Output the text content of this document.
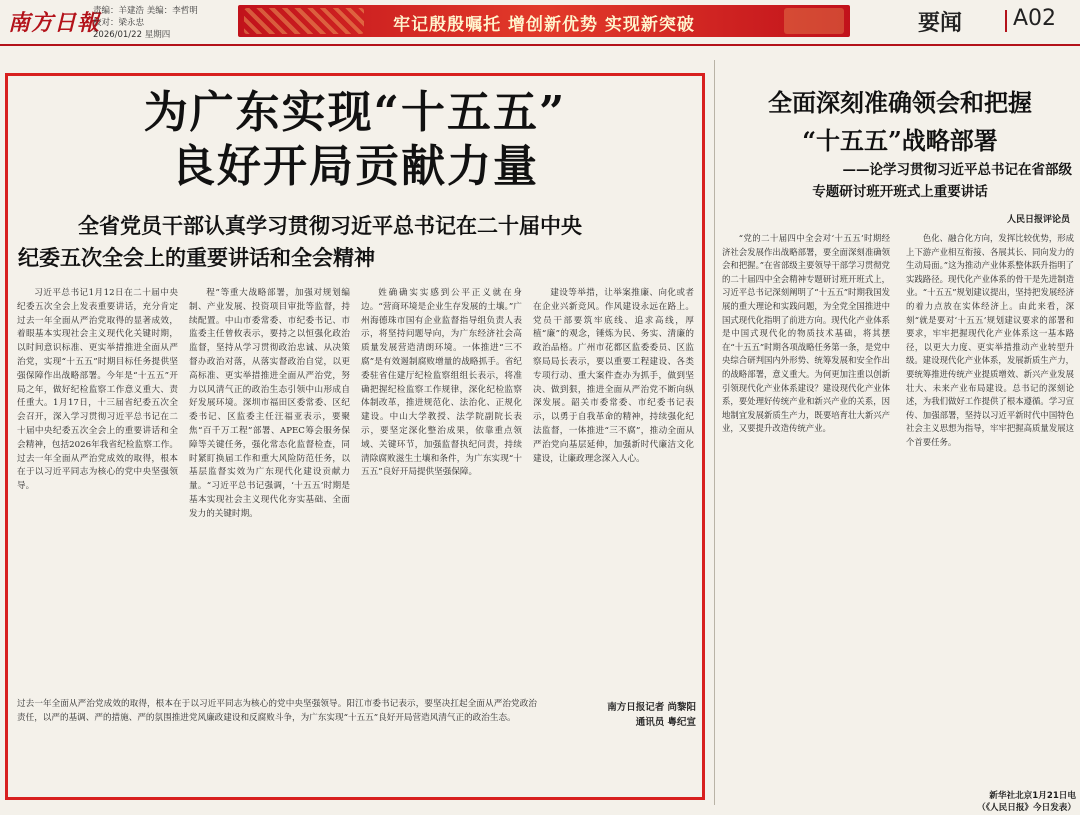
南方日報
责编：羊建浩 美编：李哲明
校对：梁永忠
2026/01/22 星期四	牢记殷殷嘱托 增创新优势 实现新突破	要闻 A02
为广东实现“十五五”
良好开局贡献力量
全省党员干部认真学习贯彻习近平总书记在二十届中央
纪委五次全会上的重要讲话和全会精神

习近平总书记1月12日在二十届中央纪委五次全会上发表重要讲话，充分肯定过去一年全面从严治党取得的显著成效，着眼基本实现社会主义现代化关键时期，以时间意识标准、更实举措推进全面从严治党，实现“十五五”时期目标任务提供坚强保障作出战略部署。今年是“十五五”开局之年，做好纪检监察工作意义重大、责任重大。1月17日，十三届省纪委五次全会召开，深入学习贯彻习近平总书记在二十届中央纪委五次全会上的重要讲话和全会精神，包括2026年我省纪检监察工作。过去一年全面从严治党成效的取得，根本在于以习近平同志为核心的党中央坚强领导。

程”等重大战略部署，加强对规划编制、产业发展、投资项目审批等监督，持续配置。中山市委常委、市纪委书记、市监委主任曾攸表示，要持之以恒强化政治监督，坚持从学习贯彻政治忠诚、从决策督办政治对落，从落实督政治自觉，以更高标准、更实举措推进全面从严治党，努力以风清气正的政治生态引领中山形成自好发展环境。深圳市福田区委常委、区纪委书记、区监委主任汪福亚表示，要聚焦“百千万工程”部署、APEC筹会服务保障等关键任务，强化常态化监督检查，同时紧盯换届工作和重大风险防范任务，以基层监督实效为广东现代化建设贡献力量。“习近平总书记强调，‘十五五’时期是基本实现社会主义现代化夯实基础、全面发力的关键时期。

姓确确实实感到公平正义就在身边。“营商环境是企业生存发展的土壤。”广州海德珠市国有企业监督指导组负责人表示，将坚持问题导向，为广东经济社会高质量发展营造清朗环境。一体推进“三不腐”是有效遏制腐败增量的战略抓手。省纪委驻省住建厅纪检监察组组长表示，将准确把握纪检监察工作规律，深化纪检监察体制改革，推进规范化、法治化、正规化建设。中山大学教授、法学院副院长表示，要坚定深化整治成果，依靠重点领域、关键环节，加强监督执纪问责，持续清除腐败滋生土壤和条件，为广东实现“十五五”良好开局提供坚强保障。

建设等举措，让举案推廉、向化或者在企业兴新竞风。作风建设永远在路上。党员干部要筑牢底线、追求高线，厚植“廉”的观念，锤炼为民、务实、清廉的政治品格。广州市花都区监委委员、区监察局局长表示，要以重要工程建设、各类专项行动、重大案件查办为抓手，做到坚决、做到狠，推进全面从严治党不断向纵深发展。韶关市委常委、市纪委书记表示，以勇于自我革命的精神，持续强化纪法监督，一体推进“三不腐”，推动全面从严治党向基层延伸，加强新时代廉洁文化建设，让廉政理念深入人心。

过去一年全面从严治党成效的取得，根本在于以习近平同志为核心的党中央坚强领导。阳江市委书记表示，要坚决扛起全面从严治党政治责任，以严的基调、严的措施、严的氛围推进党风廉政建设和反腐败斗争，为广东实现“十五五”良好开局营造风清气正的政治生态。
南方日报记者 尚黎阳
通讯员 粤纪宣
全面深刻准确领会和把握
“十五五”战略部署
——论学习贯彻习近平总书记在省部级
专题研讨班开班式上重要讲话
人民日报评论员

“党的二十届四中全会对‘十五五’时期经济社会发展作出战略部署，要全面深刻准确领会和把握。”在省部级主要领导干部学习贯彻党的二十届四中全会精神专题研讨班开班式上，习近平总书记深刻阐明了“十五五”时期我国发展的重大理论和实践问题，为全党全国推进中国式现代化指明了前进方向。现代化产业体系是中国式现代化的物质技术基础，将其摆在“十五五”时期各项战略任务第一条，是党中央综合研判国内外形势、统筹发展和安全作出的战略部署，意义重大。为何更加注重以创新引领现代化产业体系建设？建设现代化产业体系，要处理好传统产业和新兴产业的关系，因地制宜发展新质生产力，既要培育壮大新兴产业，又要提升改造传统产业。

色化、融合化方向，发挥比较优势，形成上下游产业相互衔接、各展其长、同向发力的生动局面。”这为推动产业体系整体跃升指明了实践路径。现代化产业体系的骨干是先进制造业。“十五五”规划建议提出，坚持把发展经济的着力点放在实体经济上。由此来看，深刻“就是要对‘十五五’规划建议要求的部署和要求，牢牢把握现代化产业体系这一基本路径，以更大力度、更实举措推动产业转型升级。建设现代化产业体系，发展新质生产力，要统筹推进传统产业提质增效、新兴产业发展壮大、未来产业布局建设。总书记的深刻论述，为我们做好工作提供了根本遵循。学习宣传、加强部署，坚持以习近平新时代中国特色社会主义思想为指导，牢牢把握高质量发展这个首要任务。

新华社北京1月21日电
（《人民日报》今日发表）
